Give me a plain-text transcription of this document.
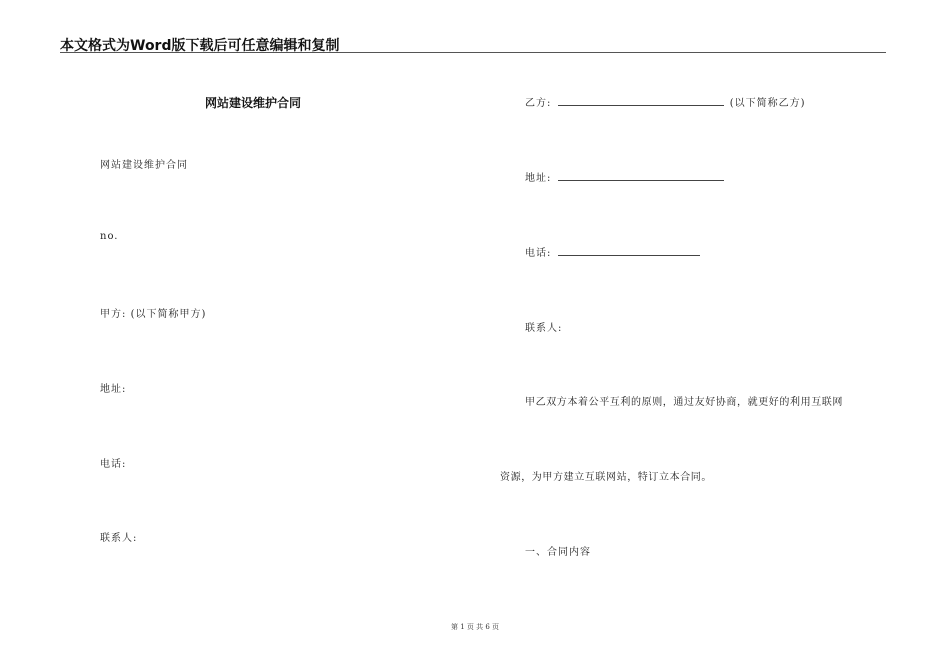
本文格式为Word版下载后可任意编辑和复制
网站建设维护合同
网站建设维护合同
no.
甲方: (以下简称甲方)
地址:
电话:
联系人:
乙方:	(以下简称乙方)
地址:
电话:
联系人:
甲乙双方本着公平互利的原则，通过友好协商，就更好的利用互联网
资源，为甲方建立互联网站，特订立本合同。
一、合同内容
第 1 页 共 6 页
